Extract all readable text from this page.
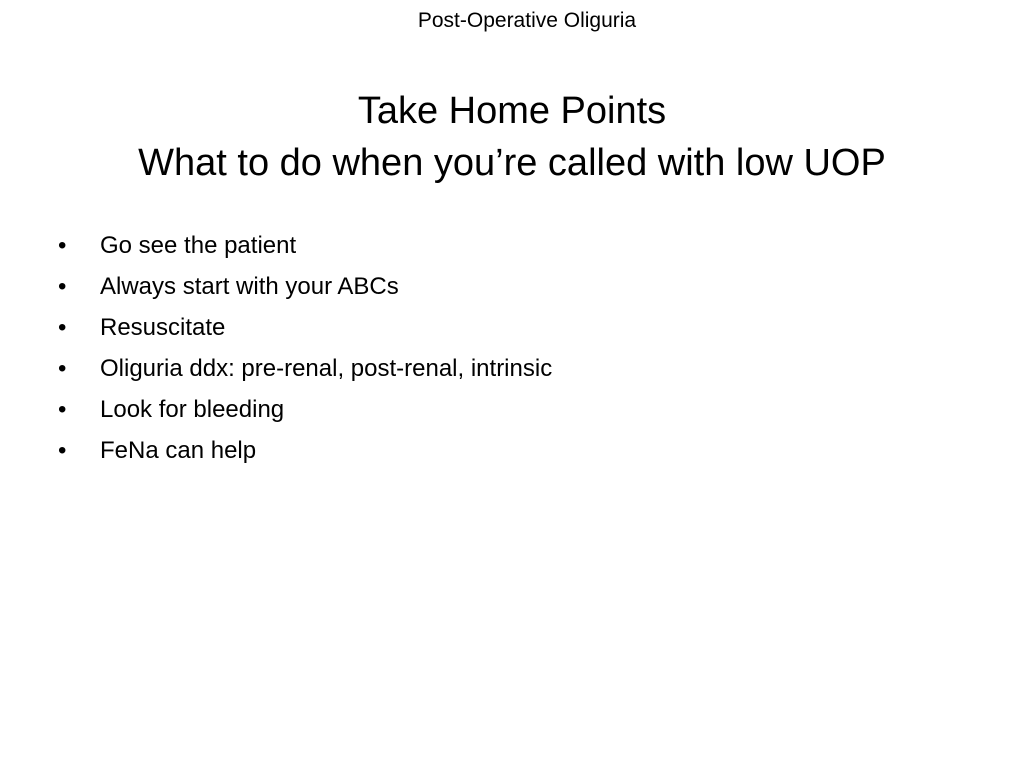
Post-Operative Oliguria
Take Home Points
What to do when you’re called with low UOP
• Go see the patient
• Always start with your ABCs
• Resuscitate
• Oliguria ddx: pre-renal, post-renal, intrinsic
• Look for bleeding
• FeNa can help
